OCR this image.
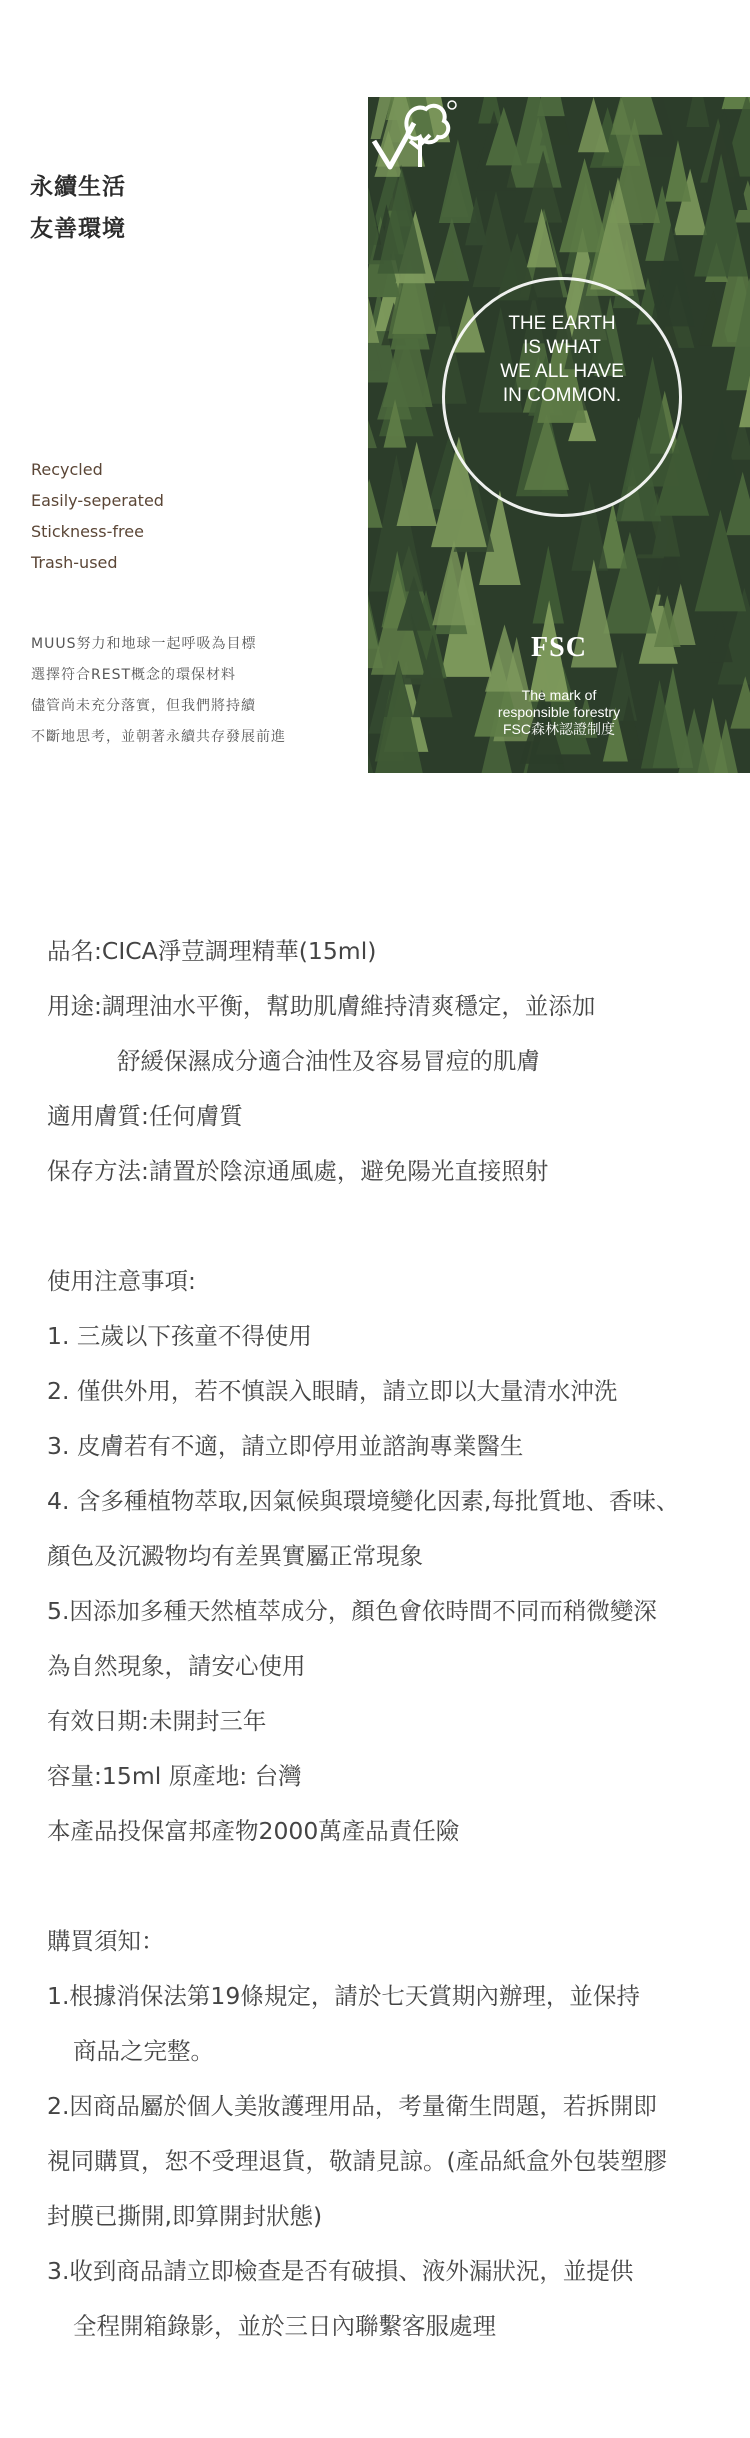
永續生活
友善環境
Recycled
Easily-seperated
Stickness-free
Trash-used
MUUS努力和地球一起呼吸為目標
選擇符合REST概念的環保材料
儘管尚未充分落實，但我們將持續
不斷地思考，並朝著永續共存發展前進
THE EARTH
IS WHAT
WE ALL HAVE
IN COMMON.
FSC
The mark of
responsible forestry
FSC森林認證制度
品名:CICA淨荳調理精華(15ml)
用途:調理油水平衡，幫助肌膚維持清爽穩定，並添加
舒緩保濕成分適合油性及容易冒痘的肌膚
適用膚質:任何膚質
保存方法:請置於陰涼通風處，避免陽光直接照射
使用注意事項:
1. 三歲以下孩童不得使用
2. 僅供外用，若不慎誤入眼睛，請立即以大量清水沖洗
3. 皮膚若有不適，請立即停用並諮詢專業醫生
4. 含多種植物萃取,因氣候與環境變化因素,每批質地、香味、
顏色及沉澱物均有差異實屬正常現象
5.因添加多種天然植萃成分，顏色會依時間不同而稍微變深
為自然現象，請安心使用
有效日期:未開封三年
容量:15ml 原產地: 台灣
本產品投保富邦產物2000萬產品責任險
購買須知：
1.根據消保法第19條規定，請於七天賞期內辦理，並保持
商品之完整。
2.因商品屬於個人美妝護理用品，考量衛生問題，若拆開即
視同購買，恕不受理退貨，敬請見諒。(產品紙盒外包裝塑膠
封膜已撕開,即算開封狀態)
3.收到商品請立即檢查是否有破損、液外漏狀況，並提供
全程開箱錄影，並於三日內聯繫客服處理
